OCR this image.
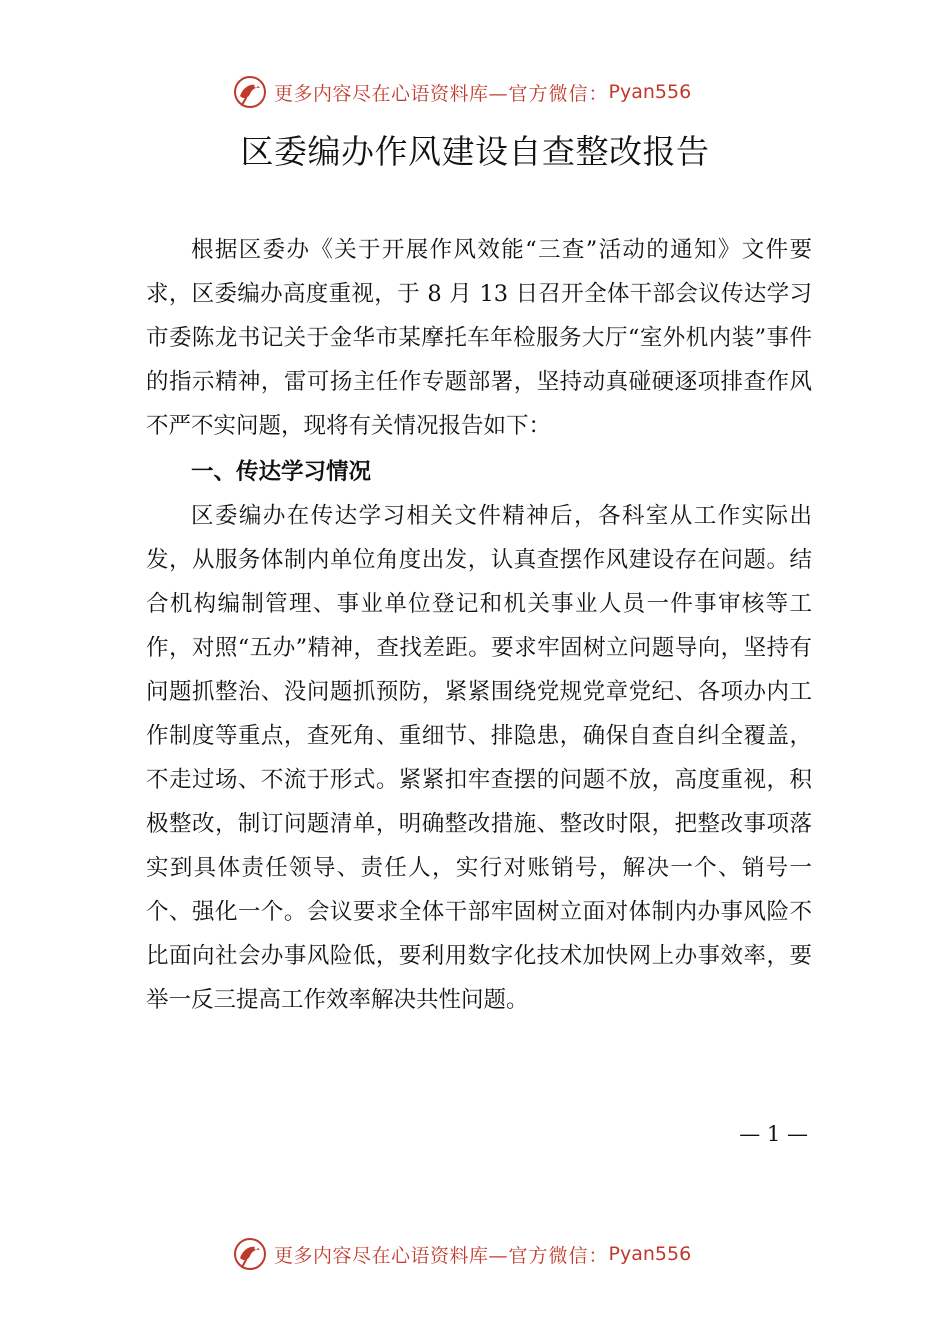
更多内容尽在心语资料库 —官方微信： Pyan556
区委编办作风建设自查整改报告

根据区委办《关于开展作风效能“三查”活动的通知》文件要求，区委编办高度重视，于 8 月 13 日召开全体干部会议传达学习市委陈龙书记关于金华市某摩托车年检服务大厅“室外机内装”事件的指示精神，雷可扬主任作专题部署，坚持动真碰硬逐项排查作风不严不实问题，现将有关情况报告如下：

一、传达学习情况

区委编办在传达学习相关文件精神后，各科室从工作实际出发，从服务体制内单位角度出发，认真查摆作风建设存在问题。结合机构编制管理、事业单位登记和机关事业人员一件事审核等工作，对照“五办”精神，查找差距。要求牢固树立问题导向，坚持有问题抓整治、没问题抓预防，紧紧围绕党规党章党纪、各项办内工作制度等重点，查死角、重细节、排隐患，确保自查自纠全覆盖，不走过场、不流于形式。紧紧扣牢查摆的问题不放，高度重视，积极整改，制订问题清单，明确整改措施、整改时限，把整改事项落实到具体责任领导、责任人，实行对账销号，解决一个、销号一个、强化一个。会议要求全体干部牢固树立面对体制内办事风险不比面向社会办事风险低，要利用数字化技术加快网上办事效率，要举一反三提高工作效率解决共性问题。

— 1 —
更多内容尽在心语资料库 —官方微信： Pyan556
